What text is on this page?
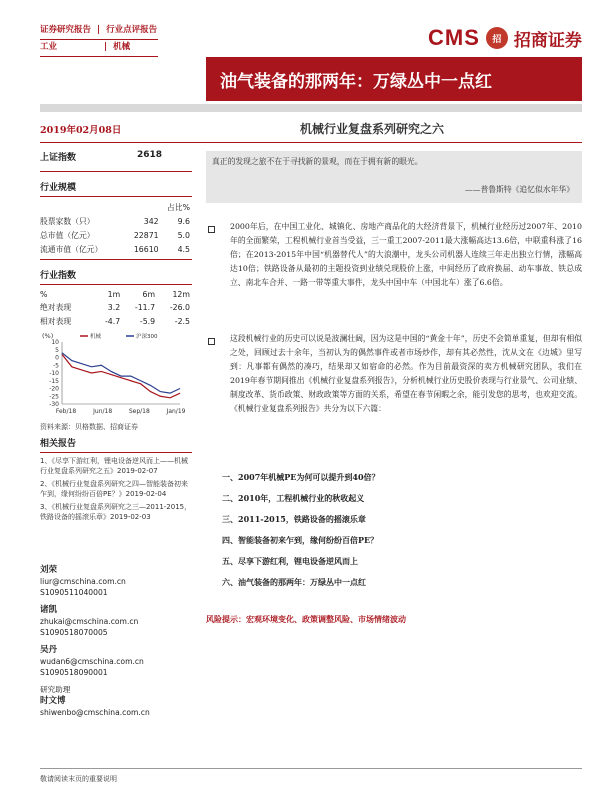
证券研究报告 | 行业点评报告
工业	| 机械	CMS	招 招商证券
油气装备的那两年：万绿丛中一点红
2019年02月08日	机械行业复盘系列研究之六
上证指数	2618
行业规模
		占比%
股票家数（只）	342	9.6
总市值（亿元）	22871	5.0
流通市值（亿元）	16610	4.5
行业指数
%	1m	6m	12m
绝对表现	3.2	-11.7	-26.0
相对表现	-4.7	-5.9	-2.5
(%)
10
5
0
-5
-10
-15
-20
-25
-30
Feb/18	Jun/18	Sep/18	Jan/19
机械	沪深300
资料来源：贝格数据、招商证券
相关报告
1、《尽享下游红利，锂电设备逆风而上——机械行业复盘系列研究之五》2019-02-07
2、《机械行业复盘系列研究之四—智能装备初来乍到，缘何纷纷百倍PE？》2019-02-04
3、《机械行业复盘系列研究之三—2011-2015，铁路设备的摇滚乐章》2019-02-03
刘荣
liur@cmschina.com.cn
S1090511040001
诸凯
zhukai@cmschina.com.cn
S1090518070005
吴丹
wudan6@cmschina.com.cn
S1090518090001
研究助理
时文博
shiwenbo@cmschina.com.cn
真正的发现之旅不在于寻找新的景观，而在于拥有新的眼光。
——普鲁斯特《追忆似水年华》
2000年后，在中国工业化、城镇化、房地产商品化的大经济背景下，机械行业经历过2007年、2010年的全面繁荣，工程机械行业首当受益，三一重工2007-2011最大涨幅高达13.6倍，中联重科涨了16倍；在2013-2015年中国“机器替代人”的大浪潮中，龙头公司机器人连续三年走出独立行情，涨幅高达10倍；铁路设备从最初的主题投资到业绩兑现股价上涨，中间经历了政府换届、动车事故、铁总成立、南北车合并、一路一带等重大事件，龙头中国中车（中国北车）涨了6.6倍。
这段机械行业的历史可以说是波澜壮阔，因为这是中国的“黄金十年”，历史不会简单重复，但却有相似之处，回顾过去十余年，当初认为的偶然事件或者市场炒作，却有其必然性，沈从文在《边城》里写到：凡事都有偶然的凑巧，结果却又如宿命的必然。作为目前最资深的卖方机械研究团队，我们在2019年春节期间推出《机械行业复盘系列报告》，分析机械行业历史股价表现与行业景气、公司业绩、制度改革、货币政策、财政政策等方面的关系，希望在春节闲暇之余，能引发您的思考，也欢迎交流。《机械行业复盘系列报告》共分为以下六篇：
一、2007年机械PE为何可以提升到40倍？
二、2010年，工程机械行业的秋收起义
三、2011-2015，铁路设备的摇滚乐章
四、智能装备初来乍到，缘何纷纷百倍PE？
五、尽享下游红利，锂电设备逆风而上
六、油气装备的那两年：万绿丛中一点红
风险提示：宏观环境变化、政策调整风险、市场情绪波动
敬请阅读末页的重要说明
